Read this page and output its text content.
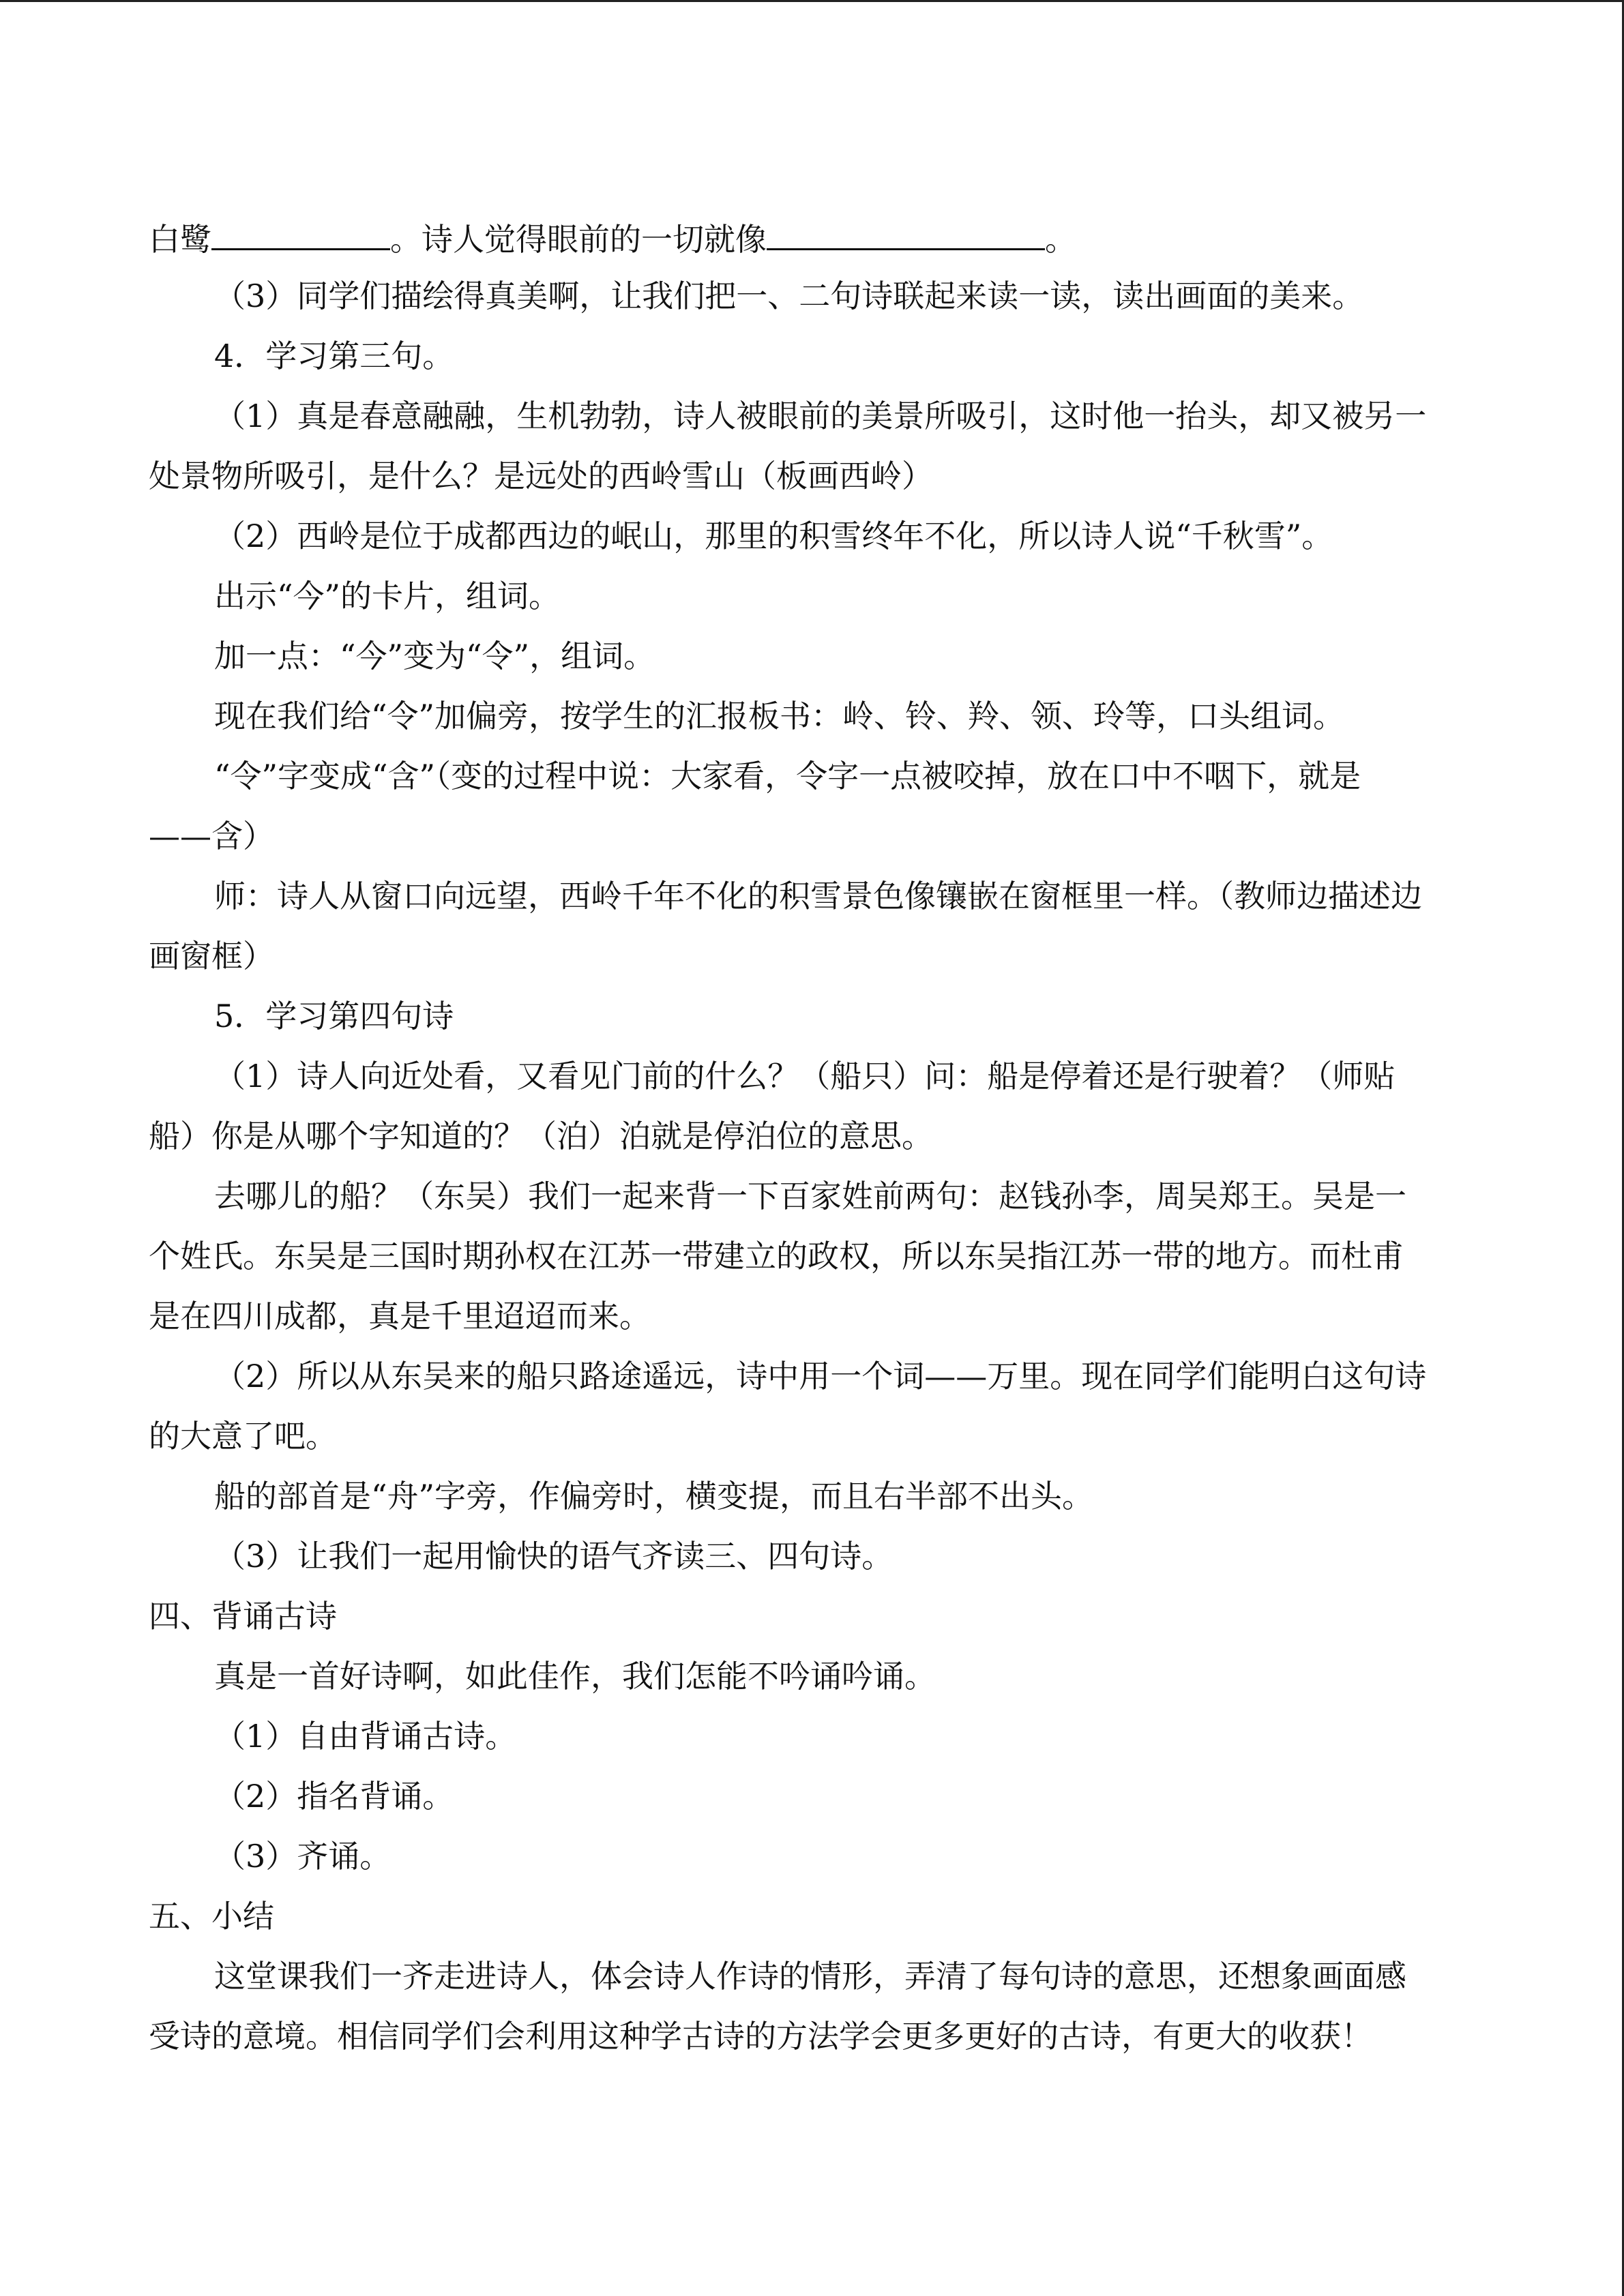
白鹭	。诗人觉得眼前的一切就像	。
（3）同学们描绘得真美啊，让我们把一、二句诗联起来读一读，读出画面的美来。
4．学习第三句。
（1）真是春意融融，生机勃勃，诗人被眼前的美景所吸引，这时他一抬头，却又被另一
处景物所吸引，是什么？是远处的西岭雪山（板画西岭）
（2）西岭是位于成都西边的岷山，那里的积雪终年不化，所以诗人说“千秋雪”。
出示“今”的卡片，组词。
加一点：“今”变为“令”，组词。
现在我们给“令”加偏旁，按学生的汇报板书：岭、铃、羚、领、玲等，口头组词。
“令”字变成“含”（变的过程中说：大家看，令字一点被咬掉，放在口中不咽下，就是
——含）
师：诗人从窗口向远望，西岭千年不化的积雪景色像镶嵌在窗框里一样。（教师边描述边
画窗框）
5．学习第四句诗
（1）诗人向近处看，又看见门前的什么？（船只）问：船是停着还是行驶着？（师贴
船）你是从哪个字知道的？（泊）泊就是停泊位的意思。
去哪儿的船？（东吴）我们一起来背一下百家姓前两句：赵钱孙李，周吴郑王。吴是一
个姓氏。东吴是三国时期孙权在江苏一带建立的政权，所以东吴指江苏一带的地方。而杜甫
是在四川成都，真是千里迢迢而来。
（2）所以从东吴来的船只路途遥远，诗中用一个词——万里。现在同学们能明白这句诗
的大意了吧。
船的部首是“舟”字旁，作偏旁时，横变提，而且右半部不出头。
（3）让我们一起用愉快的语气齐读三、四句诗。
四、背诵古诗
真是一首好诗啊，如此佳作，我们怎能不吟诵吟诵。
（1）自由背诵古诗。
（2）指名背诵。
（3）齐诵。
五、小结
这堂课我们一齐走进诗人，体会诗人作诗的情形，弄清了每句诗的意思，还想象画面感
受诗的意境。相信同学们会利用这种学古诗的方法学会更多更好的古诗，有更大的收获！
